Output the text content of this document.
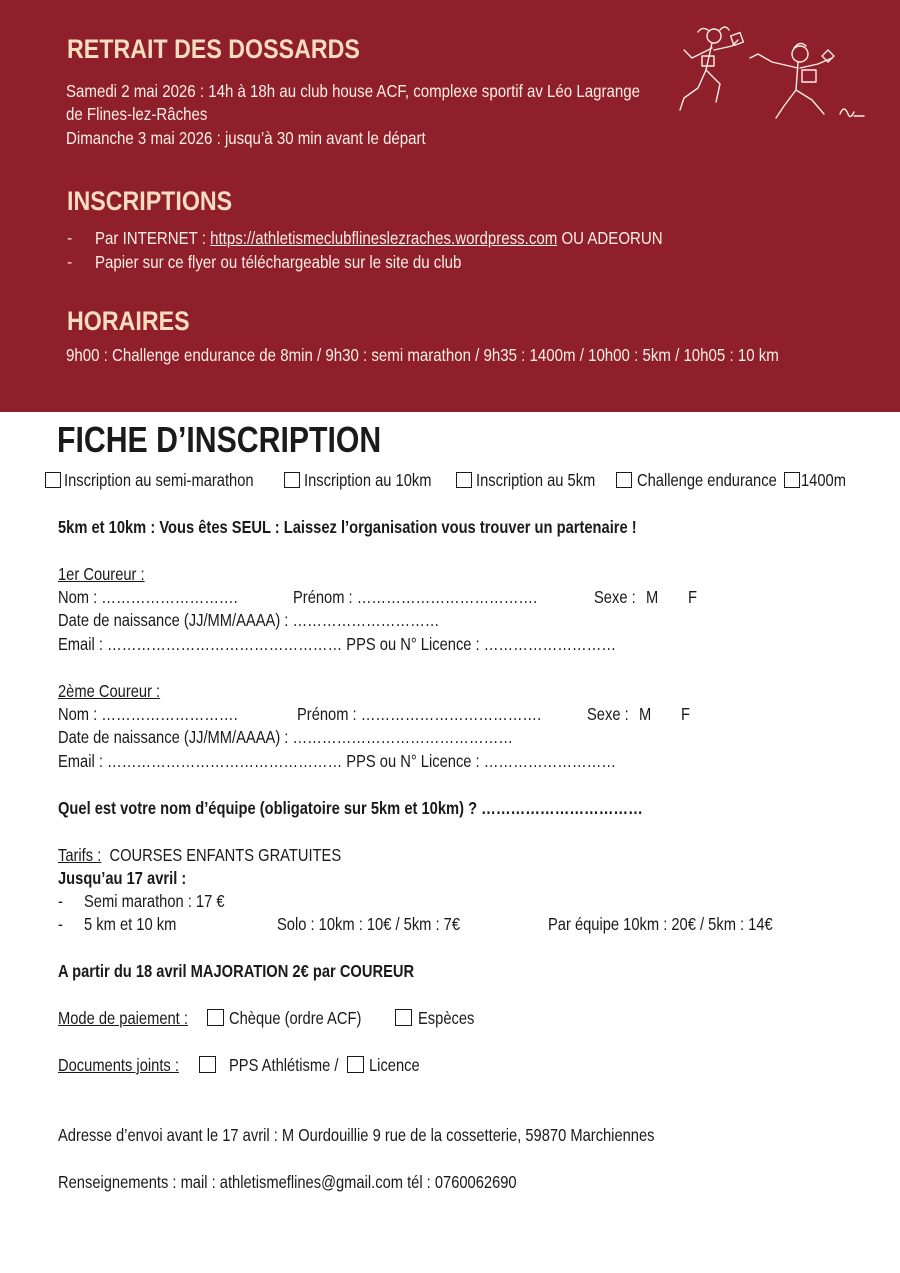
RETRAIT DES DOSSARDS
Samedi 2 mai 2026 : 14h à 18h au club house ACF, complexe sportif av Léo Lagrange
de Flines-lez-Râches
Dimanche 3 mai 2026 : jusqu’à 30 min avant le départ
INSCRIPTIONS
- Par INTERNET : https://athletismeclubflineslezraches.wordpress.com OU ADEORUN
- Papier sur ce flyer ou téléchargeable sur le site du club
HORAIRES
9h00 : Challenge endurance de 8min / 9h30 : semi marathon / 9h35 : 1400m / 10h00 : 5km / 10h05 : 10 km
FICHE D’INSCRIPTION
Inscription au semi-marathon	Inscription au 10km	Inscription au 5km Challenge endurance 1400m
5km et 10km : Vous êtes SEUL : Laissez l’organisation vous trouver un partenaire !
1er Coureur :
Nom : ……………………….	Prénom : ……………………………….	Sexe : M F
Date de naissance (JJ/MM/AAAA) : …………………………
Email : ………………………………………… PPS ou N° Licence : ………………………
2ème Coureur :
Nom : ……………………….	Prénom : ……………………………….	Sexe : M F
Date de naissance (JJ/MM/AAAA) : ………………………………………
Email : ………………………………………… PPS ou N° Licence : ………………………
Quel est votre nom d’équipe (obligatoire sur 5km et 10km) ? ……………………………
Tarifs : COURSES ENFANTS GRATUITES
Jusqu’au 17 avril :
- Semi marathon : 17 €
- 5 km et 10 km	Solo : 10km : 10€ / 5km : 7€	Par équipe 10km : 20€ / 5km : 14€
A partir du 18 avril MAJORATION 2€ par COUREUR
Mode de paiement : Chèque (ordre ACF)	Espèces
Documents joints :	PPS Athlétisme / Licence
Adresse d’envoi avant le 17 avril : M Ourdouillie 9 rue de la cossetterie, 59870 Marchiennes
Renseignements : mail : athletismeflines@gmail.com tél : 0760062690
